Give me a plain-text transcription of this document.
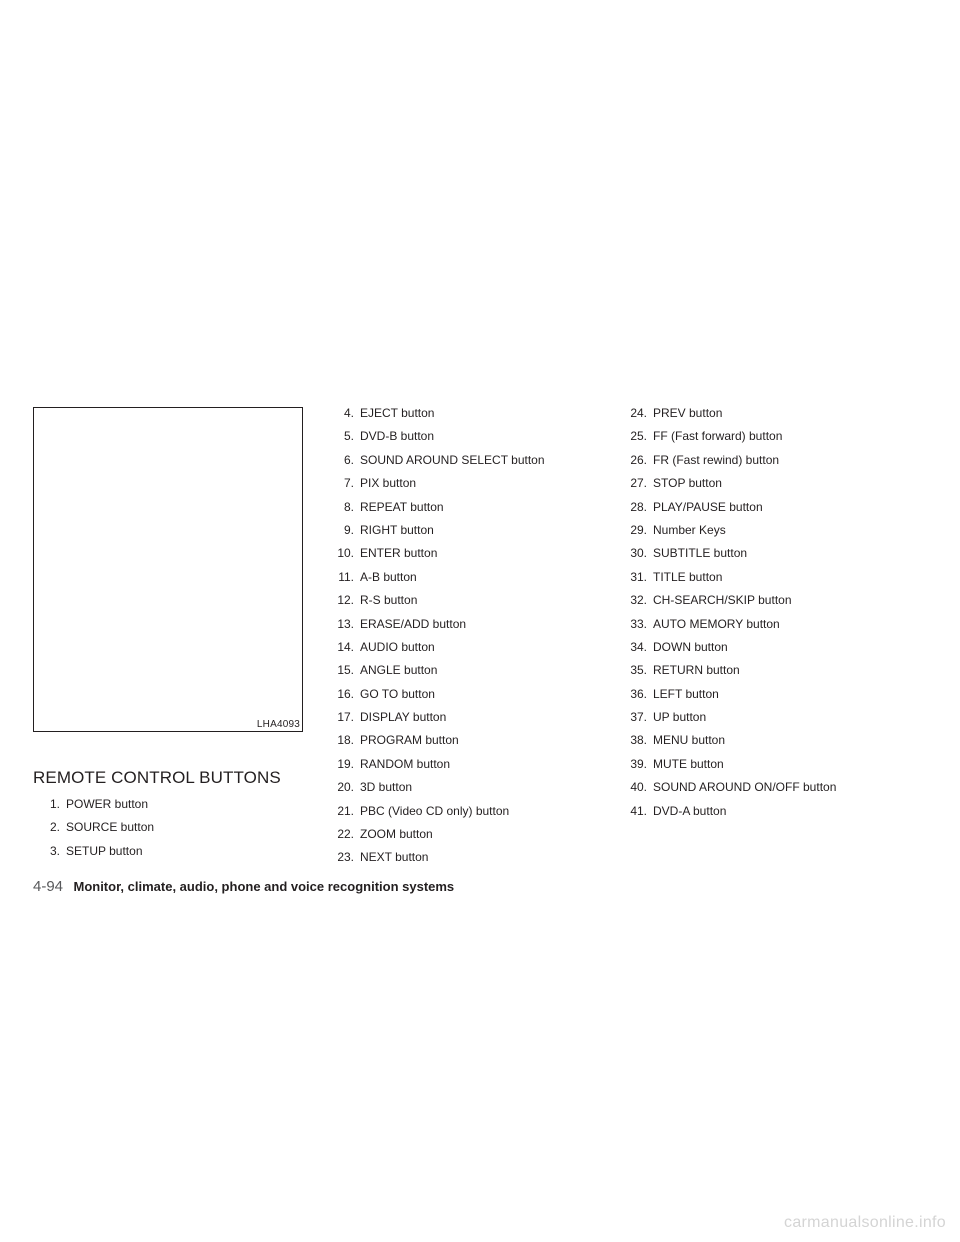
LHA4093
REMOTE CONTROL BUTTONS
1. POWER button
2. SOURCE button
3. SETUP button
4. EJECT button
5. DVD-B button
6. SOUND AROUND SELECT button
7. PIX button
8. REPEAT button
9. RIGHT button
10. ENTER button
11. A-B button
12. R-S button
13. ERASE/ADD button
14. AUDIO button
15. ANGLE button
16. GO TO button
17. DISPLAY button
18. PROGRAM button
19. RANDOM button
20. 3D button
21. PBC (Video CD only) button
22. ZOOM button
23. NEXT button
24. PREV button
25. FF (Fast forward) button
26. FR (Fast rewind) button
27. STOP button
28. PLAY/PAUSE button
29. Number Keys
30. SUBTITLE button
31. TITLE button
32. CH-SEARCH/SKIP button
33. AUTO MEMORY button
34. DOWN button
35. RETURN button
36. LEFT button
37. UP button
38. MENU button
39. MUTE button
40. SOUND AROUND ON/OFF button
41. DVD-A button
4-94 Monitor, climate, audio, phone and voice recognition systems
carmanualsonline.info
